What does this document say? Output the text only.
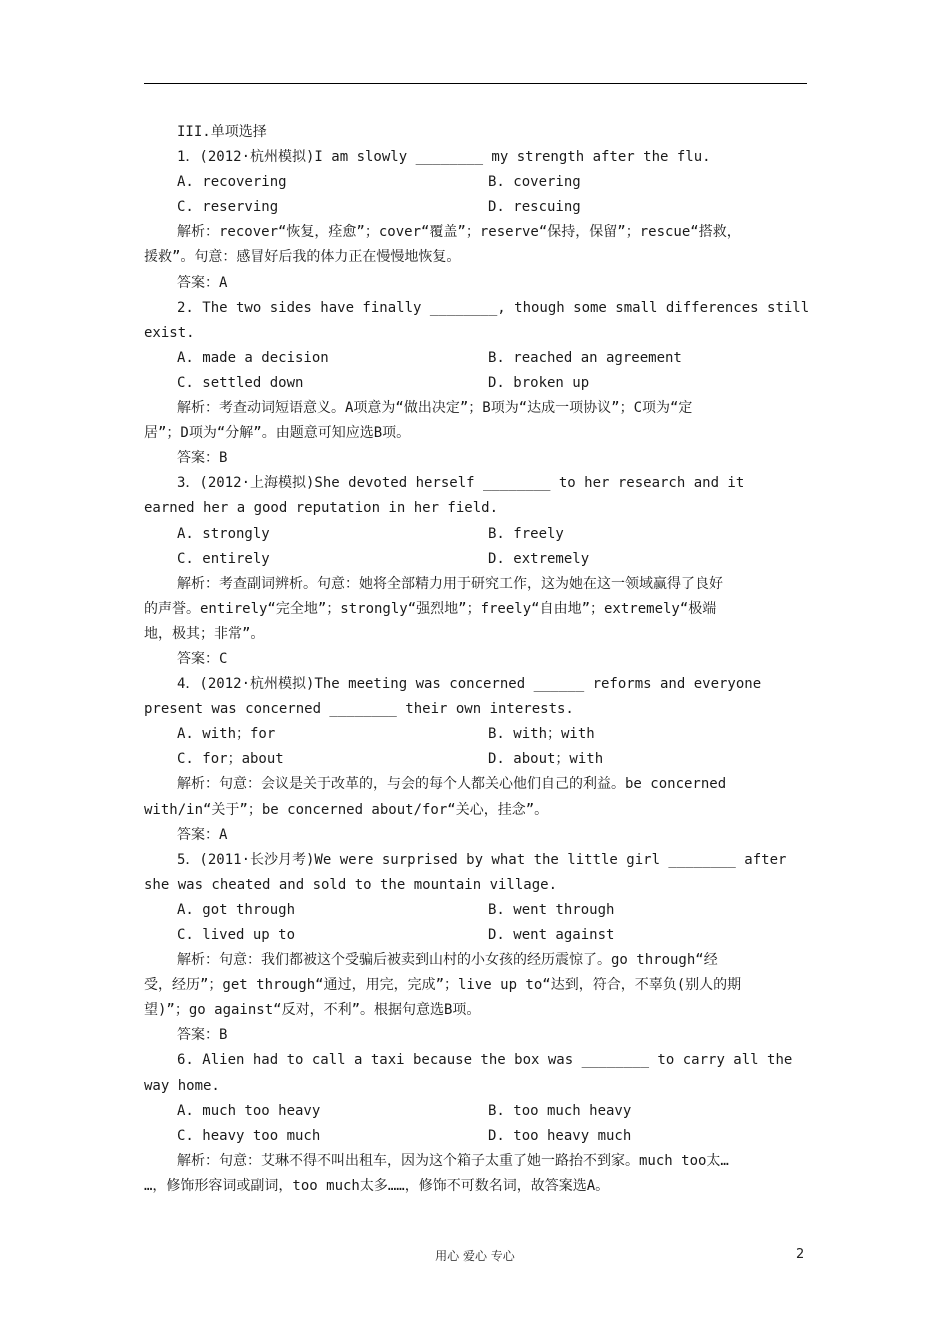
III.单项选择
1．(2012·杭州模拟)I am slowly ________ my strength after the flu.
A. recovering	B. covering
C. reserving	D. rescuing
解析：recover“恢复，痊愈”；cover“覆盖”；reserve“保持，保留”；rescue“搭救，
援救”。句意：感冒好后我的体力正在慢慢地恢复。
答案：A
2. The two sides have finally ________, though some small differences still
exist.
A. made a decision	B. reached an agreement
C. settled down	D. broken up
解析：考查动词短语意义。A项意为“做出决定”；B项为“达成一项协议”；C项为“定
居”；D项为“分解”。由题意可知应选B项。
答案：B
3．(2012·上海模拟)She devoted herself ________ to her research and it
earned her a good reputation in her field.
A. strongly	B. freely
C. entirely	D. extremely
解析：考查副词辨析。句意：她将全部精力用于研究工作，这为她在这一领域赢得了良好
的声誉。entirely“完全地”；strongly“强烈地”；freely“自由地”；extremely“极端
地，极其；非常”。
答案：C
4．(2012·杭州模拟)The meeting was concerned ______ reforms and everyone
present was concerned ________ their own interests.
A. with；for	B. with；with
C. for；about	D. about；with
解析：句意：会议是关于改革的，与会的每个人都关心他们自己的利益。be concerned
with/in“关于”；be concerned about/for“关心，挂念”。
答案：A
5．(2011·长沙月考)We were surprised by what the little girl ________ after
she was cheated and sold to the mountain village.
A. got through	B. went through
C. lived up to	D. went against
解析：句意：我们都被这个受骗后被卖到山村的小女孩的经历震惊了。go through“经
受，经历”；get through“通过，用完，完成”；live up to“达到，符合，不辜负(别人的期
望)”；go against“反对，不利”。根据句意选B项。
答案：B
6. Alien had to call a taxi because the box was ________ to carry all the
way home.
A. much too heavy	B. too much heavy
C. heavy too much	D. too heavy much
解析：句意：艾琳不得不叫出租车，因为这个箱子太重了她一路抬不到家。much too太…
…，修饰形容词或副词，too much太多……，修饰不可数名词，故答案选A。
用心 爱心 专心	2
